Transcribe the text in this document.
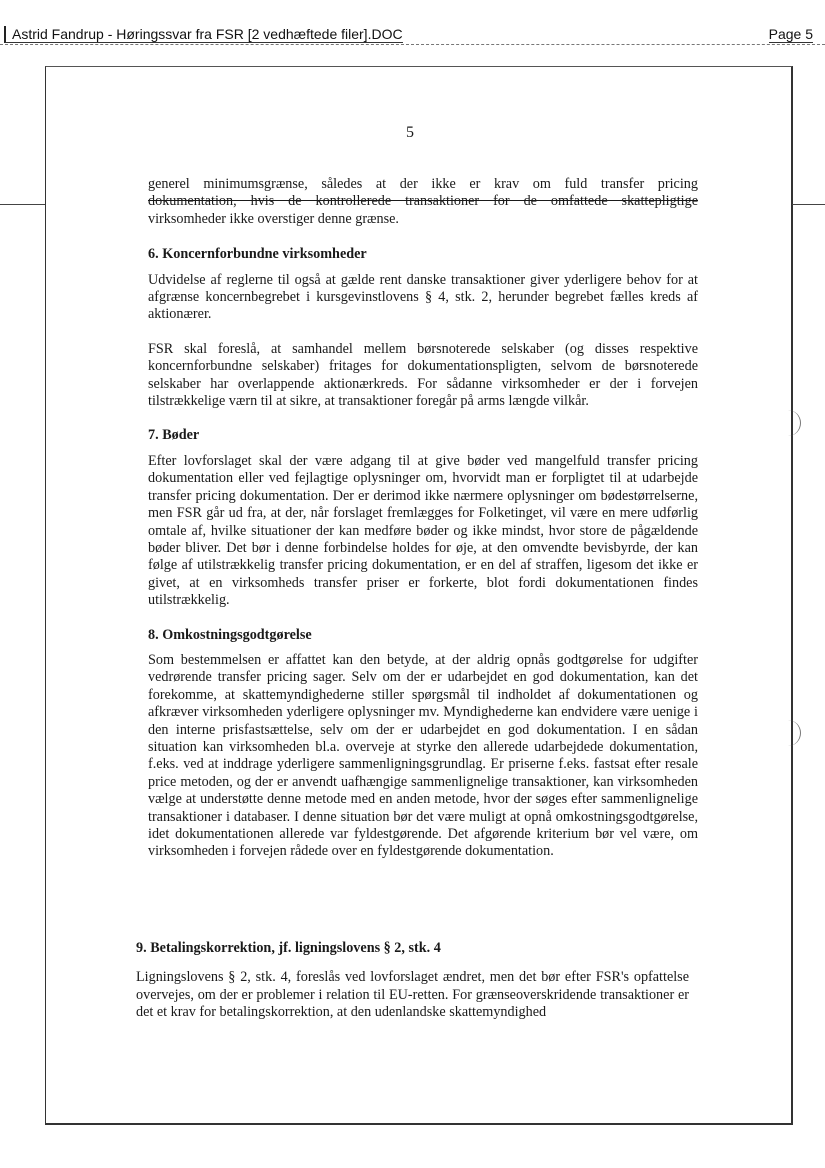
Astrid Fandrup - Høringssvar fra FSR [2 vedhæftede filer].DOC	Page 5
5

generel minimumsgrænse, således at der ikke er krav om fuld transfer pricing

dokumentation, hvis de kontrollerede transaktioner for de omfattede skattepligtige

virksomheder ikke overstiger denne grænse.

6. Koncernforbundne virksomheder

Udvidelse af reglerne til også at gælde rent danske transaktioner giver yderligere behov for at afgrænse koncernbegrebet i kursgevinstlovens § 4, stk. 2, herunder begrebet fælles kreds af aktionærer.

FSR skal foreslå, at samhandel mellem børsnoterede selskaber (og disses respektive koncernforbundne selskaber) fritages for dokumentationspligten, selvom de børsnoterede selskaber har overlappende aktionærkreds. For sådanne virksomheder er der i forvejen tilstrækkelige værn til at sikre, at transaktioner foregår på arms længde vilkår.

7. Bøder

Efter lovforslaget skal der være adgang til at give bøder ved mangelfuld transfer pricing dokumentation eller ved fejlagtige oplysninger om, hvorvidt man er forpligtet til at udarbejde transfer pricing dokumentation. Der er derimod ikke nærmere oplysninger om bødestørrelserne, men FSR går ud fra, at der, når forslaget fremlægges for Folketinget, vil være en mere udførlig omtale af, hvilke situationer der kan medføre bøder og ikke mindst, hvor store de pågældende bøder bliver. Det bør i denne forbindelse holdes for øje, at den omvendte bevisbyrde, der kan følge af utilstrækkelig transfer pricing dokumentation, er en del af straffen, ligesom det ikke er givet, at en virksomheds transfer priser er forkerte, blot fordi dokumentationen findes utilstrækkelig.

8. Omkostningsgodtgørelse

Som bestemmelsen er affattet kan den betyde, at der aldrig opnås godtgørelse for udgifter vedrørende transfer pricing sager. Selv om der er udarbejdet en god dokumentation, kan det forekomme, at skattemyndighederne stiller spørgsmål til indholdet af dokumentationen og afkræver virksomheden yderligere oplysninger mv. Myndighederne kan endvidere være uenige i den interne prisfastsættelse, selv om der er udarbejdet en god dokumentation. I en sådan situation kan virksomheden bl.a. overveje at styrke den allerede udarbejdede dokumentation, f.eks. ved at inddrage yderligere sammenligningsgrundlag. Er priserne f.eks. fastsat efter resale price metoden, og der er anvendt uafhængige sammenlignelige transaktioner, kan virksomheden vælge at understøtte denne metode med en anden metode, hvor der søges efter sammenlignelige transaktioner i databaser. I denne situation bør det være muligt at opnå omkostningsgodtgørelse, idet dokumentationen allerede var fyldestgørende. Det afgørende kriterium bør vel være, om virksomheden i forvejen rådede over en fyldestgørende dokumentation.

9. Betalingskorrektion, jf. ligningslovens § 2, stk. 4

Ligningslovens § 2, stk. 4, foreslås ved lovforslaget ændret, men det bør efter FSR's opfattelse overvejes, om der er problemer i relation til EU-retten. For grænseoverskridende transaktioner er det et krav for betalingskorrektion, at den udenlandske skattemyndighed
